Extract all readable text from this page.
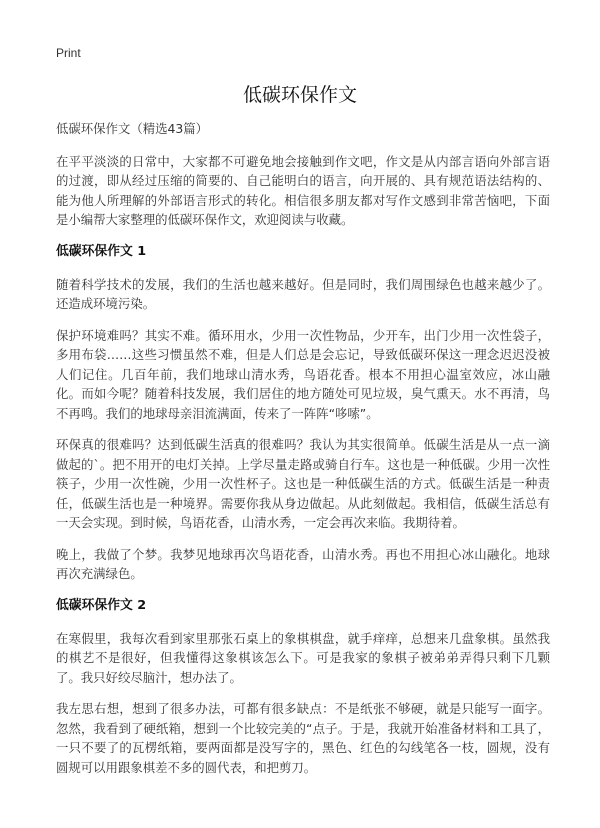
Print
低碳环保作文

低碳环保作文（精选43篇）

在平平淡淡的日常中，大家都不可避免地会接触到作文吧，作文是从内部言语向外部言语的过渡，即从经过压缩的简要的、自己能明白的语言，向开展的、具有规范语法结构的、能为他人所理解的外部语言形式的转化。相信很多朋友都对写作文感到非常苦恼吧，下面是小编帮大家整理的低碳环保作文，欢迎阅读与收藏。

低碳环保作文 1

随着科学技术的发展，我们的生活也越来越好。但是同时，我们周围绿色也越来越少了。还造成环境污染。

保护环境难吗？其实不难。循环用水，少用一次性物品，少开车，出门少用一次性袋子，多用布袋……这些习惯虽然不难，但是人们总是会忘记，导致低碳环保这一理念迟迟没被人们记住。几百年前，我们地球山清水秀，鸟语花香。根本不用担心温室效应，冰山融化。而如今呢？随着科技发展，我们居住的地方随处可见垃圾，臭气熏天。水不再清，鸟不再鸣。我们的地球母亲泪流满面，传来了一阵阵“哆嗦”。

环保真的很难吗？达到低碳生活真的很难吗？我认为其实很简单。低碳生活是从一点一滴做起的`。把不用开的电灯关掉。上学尽量走路或骑自行车。这也是一种低碳。少用一次性筷子，少用一次性碗，少用一次性杯子。这也是一种低碳生活的方式。低碳生活是一种责任，低碳生活也是一种境界。需要你我从身边做起。从此刻做起。我相信，低碳生活总有一天会实现。到时候，鸟语花香，山清水秀，一定会再次来临。我期待着。

晚上，我做了个梦。我梦见地球再次鸟语花香，山清水秀。再也不用担心冰山融化。地球再次充满绿色。

低碳环保作文 2

在寒假里，我每次看到家里那张石桌上的象棋棋盘，就手痒痒，总想来几盘象棋。虽然我的棋艺不是很好，但我懂得这象棋该怎么下。可是我家的象棋子被弟弟弄得只剩下几颗了。我只好绞尽脑汁，想办法了。

我左思右想，想到了很多办法，可都有很多缺点：不是纸张不够硬，就是只能写一面字。忽然，我看到了硬纸箱，想到一个比较完美的“点子。于是，我就开始准备材料和工具了，一只不要了的瓦楞纸箱，要两面都是没写字的，黑色、红色的勾线笔各一枝，圆规，没有圆规可以用跟象棋差不多的圆代表，和把剪刀。
